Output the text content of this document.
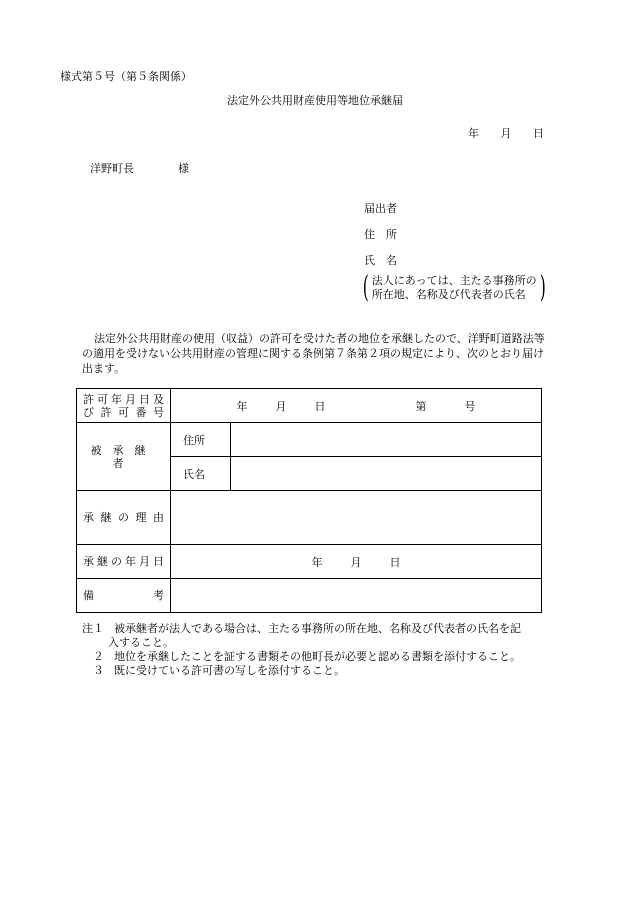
様式第５号（第５条関係）
法定外公共用財産使用等地位承継届
年 月 日
洋野町長	様
届出者
住　所
氏　名
( 法人にあっては、主たる事務所の
所在地、名称及び代表者の氏名 )
法定外公共用財産の使用（収益）の許可を受けた者の地位を承継したので、洋野町道路法等の適用を受けない公共用財産の管理に関する条例第７条第２項の規定により、次のとおり届け出ます。
許可年月日及
び許可番号	年 月 日 第 号	
被承継者	住所	
	氏名	
承継の理由		
承継の年月日	年 月 日	
備 考		
注１ 被承継者が法人である場合は、主たる事務所の所在地、名称及び代表者の氏名を記
入すること。
　２ 地位を承継したことを証する書類その他町長が必要と認める書類を添付すること。
　３ 既に受けている許可書の写しを添付すること。
